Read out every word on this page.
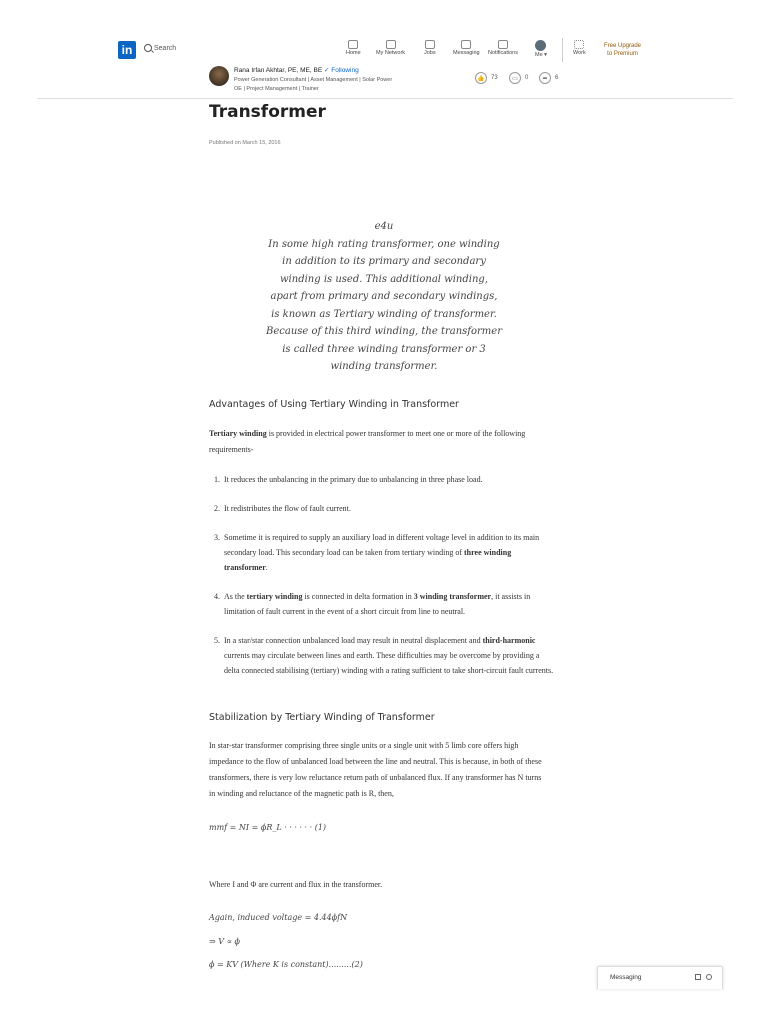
in	Search
Home	My Network	Jobs	Messaging Notifications	Me ▾	Work
Free Upgrade
to Premium
Rana Irfan Akhtar, PE, ME, BE ✓ Following
Power Generation Consultant | Asset Management | Solar Power OE | Project Management | Trainer
👍	73	▭	0	➦	6
Transformer
Published on March 15, 2016
e4u
In some high rating transformer, one winding
in addition to its primary and secondary
winding is used. This additional winding,
apart from primary and secondary windings,
is known as Tertiary winding of transformer.
Because of this third winding, the transformer
is called three winding transformer or 3
winding transformer.
Advantages of Using Tertiary Winding in Transformer
Tertiary winding is provided in electrical power transformer to meet one or more of the following requirements-
1. It reduces the unbalancing in the primary due to unbalancing in three phase load.
2. It redistributes the flow of fault current.
3. Sometime it is required to supply an auxiliary load in different voltage level in addition to its main secondary load. This secondary load can be taken from tertiary winding of three winding transformer.
4. As the tertiary winding is connected in delta formation in 3 winding transformer, it assists in limitation of fault current in the event of a short circuit from line to neutral.
5. In a star/star connection unbalanced load may result in neutral displacement and third-harmonic currents may circulate between lines and earth. These difficulties may be overcome by providing a delta connected stabilising (tertiary) winding with a rating sufficient to take short-circuit fault currents.
Stabilization by Tertiary Winding of Transformer
In star-star transformer comprising three single units or a single unit with 5 limb core offers high impedance to the flow of unbalanced load between the line and neutral. This is because, in both of these transformers, there is very low reluctance return path of unbalanced flux. If any transformer has N turns in winding and reluctance of the magnetic path is R, then,
mmf = NI = ϕR_L · · · · · · (1)
Where I and Φ are current and flux in the transformer.
Again, induced voltage = 4.44ϕfN
⇒ V ∝ ϕ
ϕ = KV (Where K is constant).........(2)
Messaging
